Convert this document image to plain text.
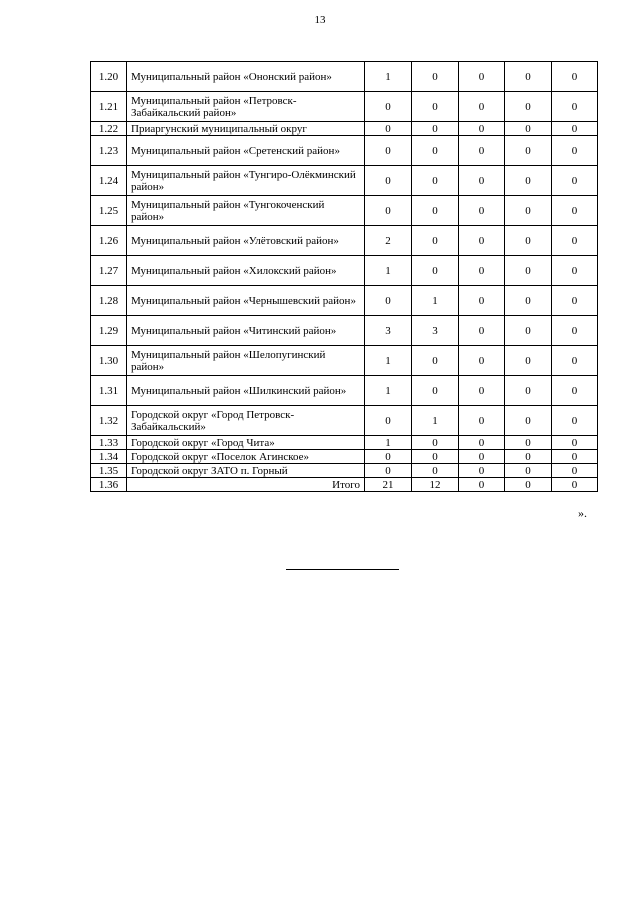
13
1.20	Муниципальный район «Ононский район»	1	0	0	0	0
1.21	Муниципальный район «Петровск-Забайкальский район»	0	0	0	0	0
1.22	Приаргунский муниципальный округ	0	0	0	0	0
1.23	Муниципальный район «Сретенский район»	0	0	0	0	0
1.24	Муниципальный район «Тунгиро-Олёкминский район»	0	0	0	0	0
1.25	Муниципальный район «Тунгокоченский район»	0	0	0	0	0
1.26	Муниципальный район «Улётовский район»	2	0	0	0	0
1.27	Муниципальный район «Хилокский район»	1	0	0	0	0
1.28	Муниципальный район «Чернышевский район»	0	1	0	0	0
1.29	Муниципальный район «Читинский район»	3	3	0	0	0
1.30	Муниципальный район «Шелопугинский район»	1	0	0	0	0
1.31	Муниципальный район «Шилкинский район»	1	0	0	0	0
1.32	Городской округ «Город Петровск-Забайкальский»	0	1	0	0	0
1.33	Городской округ «Город Чита»	1	0	0	0	0
1.34	Городской округ «Поселок Агинское»	0	0	0	0	0
1.35	Городской округ ЗАТО п. Горный	0	0	0	0	0
1.36	Итого	21	12	0	0	0
».
